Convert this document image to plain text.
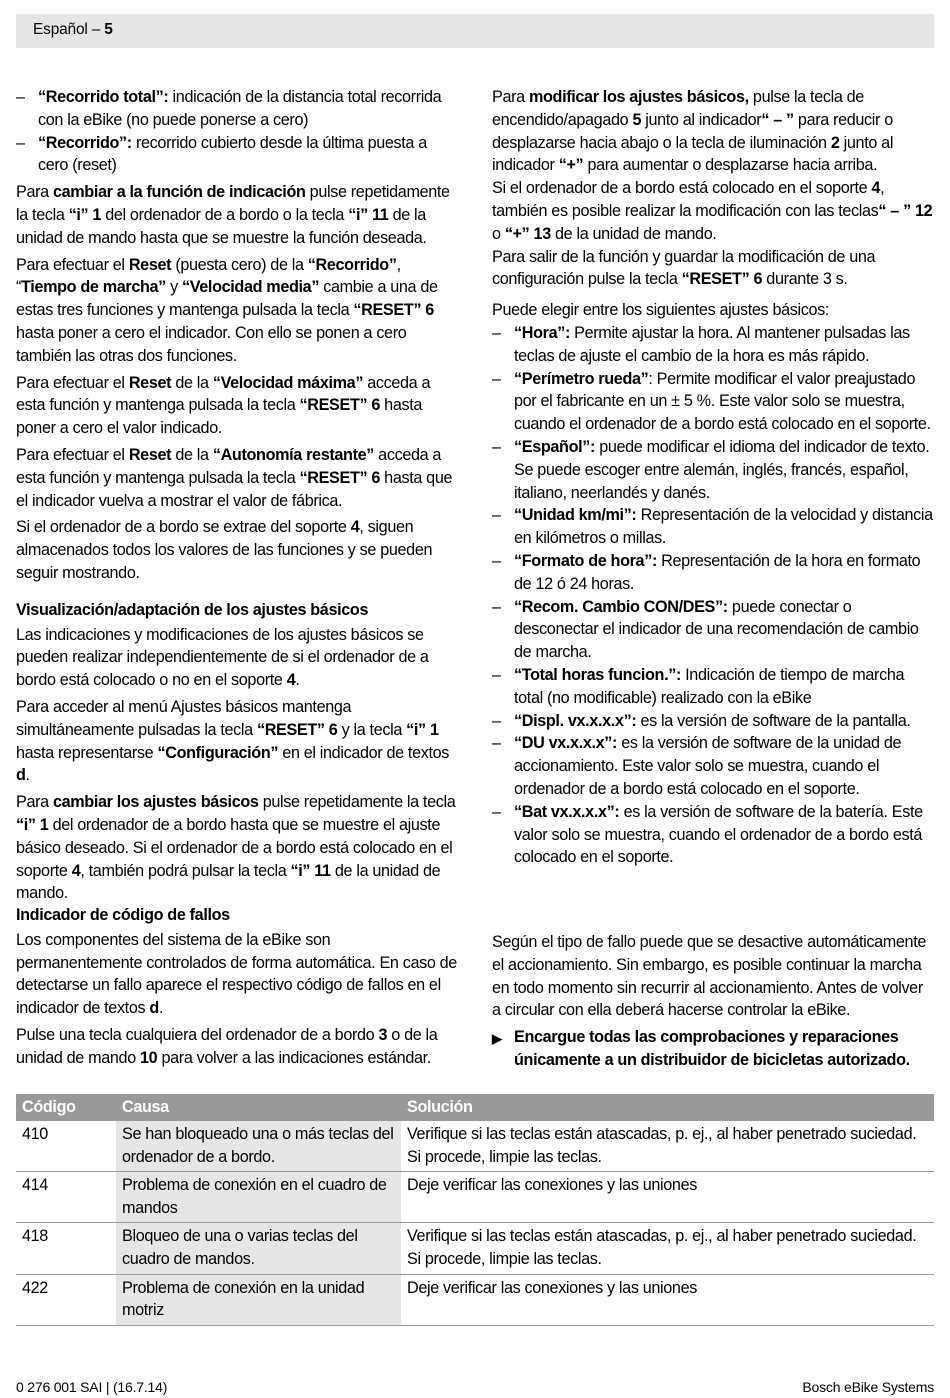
Español – 5
– “Recorrido total”: indicación de la distancia total recorrida con la eBike (no puede ponerse a cero)
– “Recorrido”: recorrido cubierto desde la última puesta a cero (reset)

Para cambiar a la función de indicación pulse repetidamente la tecla “i” 1 del ordenador de a bordo o la tecla “i” 11 de la unidad de mando hasta que se muestre la función deseada.

Para efectuar el Reset (puesta cero) de la “Recorrido”, “Tiempo de marcha” y “Velocidad media” cambie a una de estas tres funciones y mantenga pulsada la tecla “RESET” 6 hasta poner a cero el indicador. Con ello se ponen a cero también las otras dos funciones.

Para efectuar el Reset de la “Velocidad máxima” acceda a esta función y mantenga pulsada la tecla “RESET” 6 hasta poner a cero el valor indicado.

Para efectuar el Reset de la “Autonomía restante” acceda a esta función y mantenga pulsada la tecla “RESET” 6 hasta que el indicador vuelva a mostrar el valor de fábrica.

Si el ordenador de a bordo se extrae del soporte 4, siguen almacenados todos los valores de las funciones y se pueden seguir mostrando.

Visualización/adaptación de los ajustes básicos

Las indicaciones y modificaciones de los ajustes básicos se pueden realizar independientemente de si el ordenador de a bordo está colocado o no en el soporte 4.

Para acceder al menú Ajustes básicos mantenga simultáneamente pulsadas la tecla “RESET” 6 y la tecla “i” 1 hasta representarse “Configuración” en el indicador de textos d.

Para cambiar los ajustes básicos pulse repetidamente la tecla “i” 1 del ordenador de a bordo hasta que se muestre el ajuste básico deseado. Si el ordenador de a bordo está colocado en el soporte 4, también podrá pulsar la tecla “i” 11 de la unidad de mando.

Para modificar los ajustes básicos, pulse la tecla de encendido/apagado 5 junto al indicador“ – ” para reducir o desplazarse hacia abajo o la tecla de iluminación 2 junto al indicador “+” para aumentar o desplazarse hacia arriba.

Si el ordenador de a bordo está colocado en el soporte 4, también es posible realizar la modificación con las teclas“ – ” 12 o “+” 13 de la unidad de mando.

Para salir de la función y guardar la modificación de una configuración pulse la tecla “RESET” 6 durante 3 s.

Puede elegir entre los siguientes ajustes básicos:

– “Hora”: Permite ajustar la hora. Al mantener pulsadas las teclas de ajuste el cambio de la hora es más rápido.
– “Perímetro rueda”: Permite modificar el valor preajustado por el fabricante en un ± 5 %. Este valor solo se muestra, cuando el ordenador de a bordo está colocado en el soporte.
– “Español”: puede modificar el idioma del indicador de texto. Se puede escoger entre alemán, inglés, francés, español, italiano, neerlandés y danés.
– “Unidad km/mi”: Representación de la velocidad y distancia en kilómetros o millas.
– “Formato de hora”: Representación de la hora en formato de 12 ó 24 horas.
– “Recom. Cambio CON/DES”: puede conectar o desconectar el indicador de una recomendación de cambio de marcha.
– “Total horas funcion.”: Indicación de tiempo de marcha total (no modificable) realizado con la eBike
– “Displ. vx.x.x.x”: es la versión de software de la pantalla.
– “DU vx.x.x.x”: es la versión de software de la unidad de accionamiento. Este valor solo se muestra, cuando el ordenador de a bordo está colocado en el soporte.
– “Bat vx.x.x.x”: es la versión de software de la batería. Este valor solo se muestra, cuando el ordenador de a bordo está colocado en el soporte.

Indicador de código de fallos

Los componentes del sistema de la eBike son permanentemente controlados de forma automática. En caso de detectarse un fallo aparece el respectivo código de fallos en el indicador de textos d.

Pulse una tecla cualquiera del ordenador de a bordo 3 o de la unidad de mando 10 para volver a las indicaciones estándar.

Según el tipo de fallo puede que se desactive automáticamente el accionamiento. Sin embargo, es posible continuar la marcha en todo momento sin recurrir al accionamiento. Antes de volver a circular con ella deberá hacerse controlar la eBike.

▶ Encargue todas las comprobaciones y reparaciones únicamente a un distribuidor de bicicletas autorizado.
Código	Causa	Solución
410	Se han bloqueado una o más teclas del ordenador de a bordo.	Verifique si las teclas están atascadas, p. ej., al haber penetrado suciedad. Si procede, limpie las teclas.
414	Problema de conexión en el cuadro de mandos	Deje verificar las conexiones y las uniones
418	Bloqueo de una o varias teclas del cuadro de mandos.	Verifique si las teclas están atascadas, p. ej., al haber penetrado suciedad. Si procede, limpie las teclas.
422	Problema de conexión en la unidad motriz	Deje verificar las conexiones y las uniones
0 276 001 SAI | (16.7.14)	Bosch eBike Systems
